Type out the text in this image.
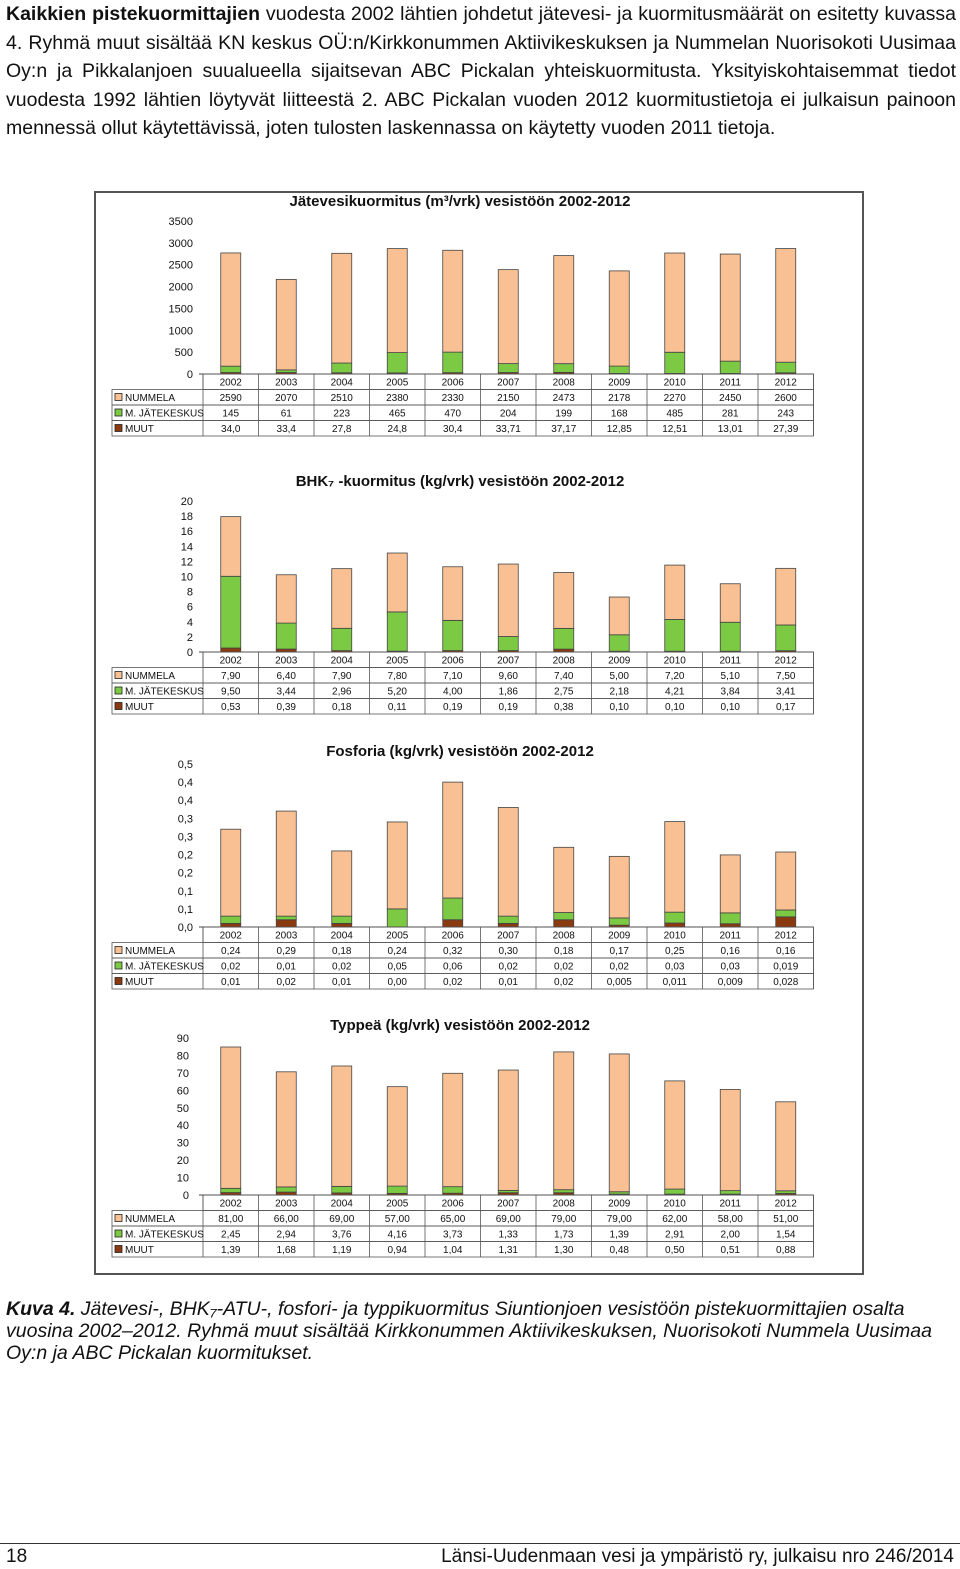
Kaikkien pistekuormittajien vuodesta 2002 lähtien johdetut jätevesi- ja kuormitusmäärät on esitetty kuvassa 4. Ryhmä muut sisältää KN keskus OÜ:n/Kirkkonummen Aktiivikeskuksen ja Nummelan Nuorisokoti Uusimaa Oy:n ja Pikkalanjoen suualueella sijaitsevan ABC Pickalan yhteiskuormitusta. Yksityiskohtaisemmat tiedot vuodesta 1992 lähtien löytyvät liitteestä 2. ABC Pickalan vuoden 2012 kuormitustietoja ei julkaisun painoon mennessä ollut käytettävissä, joten tulosten laskennassa on käytetty vuoden 2011 tietoja.
Jätevesikuormitus (m³/vrk) vesistöön 2002-2012
3500
3000
2500
2000
1500
1000
500
0
2002	2003	2004	2005	2006	2007	2008	2009	2010	2011	2012
NUMMELA	2590	2070	2510	2380	2330	2150	2473	2178	2270	2450	2600
M. JÄTEKESKUS 145	61	223	465	470	204	199	168	485	281	243
MUUT	34,0	33,4	27,8	24,8	30,4	33,71	37,17	12,85	12,51	13,01	27,39
BHK₇ -kuormitus (kg/vrk) vesistöön 2002-2012
20
18
16
14
12
10
8
6
4
2
0
2002	2003	2004	2005	2006	2007	2008	2009	2010	2011	2012
NUMMELA	7,90	6,40	7,90	7,80	7,10	9,60	7,40	5,00	7,20	5,10	7,50
M. JÄTEKESKUS 9,50	3,44	2,96	5,20	4,00	1,86	2,75	2,18	4,21	3,84	3,41
MUUT	0,53	0,39	0,18	0,11	0,19	0,19	0,38	0,10	0,10	0,10	0,17
Fosforia (kg/vrk) vesistöön 2002-2012
0,5
0,4
0,4
0,3
0,3
0,2
0,2
0,1
0,1
0,0
2002	2003	2004	2005	2006	2007	2008	2009	2010	2011	2012
NUMMELA	0,24	0,29	0,18	0,24	0,32	0,30	0,18	0,17	0,25	0,16	0,16
M. JÄTEKESKUS 0,02	0,01	0,02	0,05	0,06	0,02	0,02	0,02	0,03	0,03	0,019
MUUT	0,01	0,02	0,01	0,00	0,02	0,01	0,02	0,005	0,011	0,009	0,028
Typpeä (kg/vrk) vesistöön 2002-2012
90
80
70
60
50
40
30
20
10
0
2002	2003	2004	2005	2006	2007	2008	2009	2010	2011	2012
NUMMELA	81,00	66,00	69,00	57,00	65,00	69,00	79,00	79,00	62,00	58,00	51,00
M. JÄTEKESKUS 2,45	2,94	3,76	4,16	3,73	1,33	1,73	1,39	2,91	2,00	1,54
MUUT	1,39	1,68	1,19	0,94	1,04	1,31	1,30	0,48	0,50	0,51	0,88
Kuva 4. Jätevesi-, BHK₇-ATU-, fosfori- ja typpikuormitus Siuntionjoen vesistöön pistekuormittajien osalta vuosina 2002–2012. Ryhmä muut sisältää Kirkkonummen Aktiivikeskuksen, Nuorisokoti Nummela Uusimaa Oy:n ja ABC Pickalan kuormitukset.
18	Länsi-Uudenmaan vesi ja ympäristö ry, julkaisu nro 246/2014
